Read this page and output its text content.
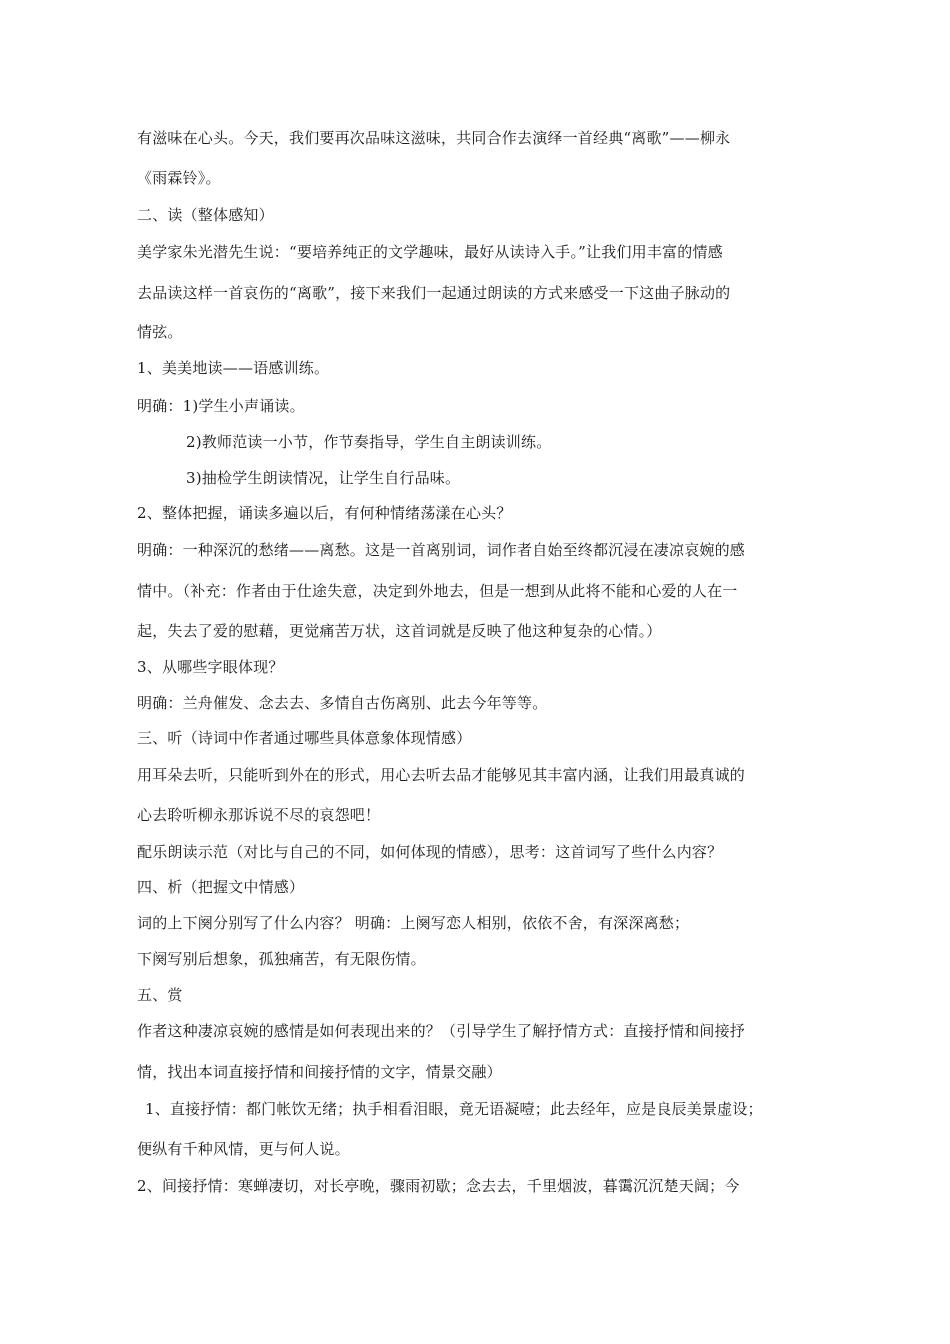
有滋味在心头。今天，我们要再次品味这滋味，共同合作去演绎一首经典“离歌”——柳永
《雨霖铃》。
二、读（整体感知）
美学家朱光潜先生说：“要培养纯正的文学趣味，最好从读诗入手。”让我们用丰富的情感
去品读这样一首哀伤的“离歌”，接下来我们一起通过朗读的方式来感受一下这曲子脉动的
情弦。
1、美美地读——语感训练。
明确：1)学生小声诵读。
2)教师范读一小节，作节奏指导，学生自主朗读训练。
3)抽检学生朗读情况，让学生自行品味。
2、整体把握，诵读多遍以后，有何种情绪荡漾在心头？
明确：一种深沉的愁绪——离愁。这是一首离别词，词作者自始至终都沉浸在凄凉哀婉的感
情中。（补充：作者由于仕途失意，决定到外地去，但是一想到从此将不能和心爱的人在一
起，失去了爱的慰藉，更觉痛苦万状，这首词就是反映了他这种复杂的心情。）
3、从哪些字眼体现？
明确：兰舟催发、念去去、多情自古伤离别、此去今年等等。
三、听（诗词中作者通过哪些具体意象体现情感）
用耳朵去听，只能听到外在的形式，用心去听去品才能够见其丰富内涵，让我们用最真诚的
心去聆听柳永那诉说不尽的哀怨吧！
配乐朗读示范（对比与自己的不同，如何体现的情感），思考：这首词写了些什么内容？
四、析（把握文中情感）
词的上下阕分别写了什么内容？ 明确：上阕写恋人相别，依依不舍，有深深离愁；
下阕写别后想象，孤独痛苦，有无限伤情。
五、赏
作者这种凄凉哀婉的感情是如何表现出来的？（引导学生了解抒情方式：直接抒情和间接抒
情，找出本词直接抒情和间接抒情的文字，情景交融）
1、直接抒情：都门帐饮无绪；执手相看泪眼，竟无语凝噎；此去经年，应是良辰美景虚设；
便纵有千种风情，更与何人说。
2、间接抒情：寒蝉凄切，对长亭晚，骤雨初歇；念去去，千里烟波，暮霭沉沉楚天阔；今
